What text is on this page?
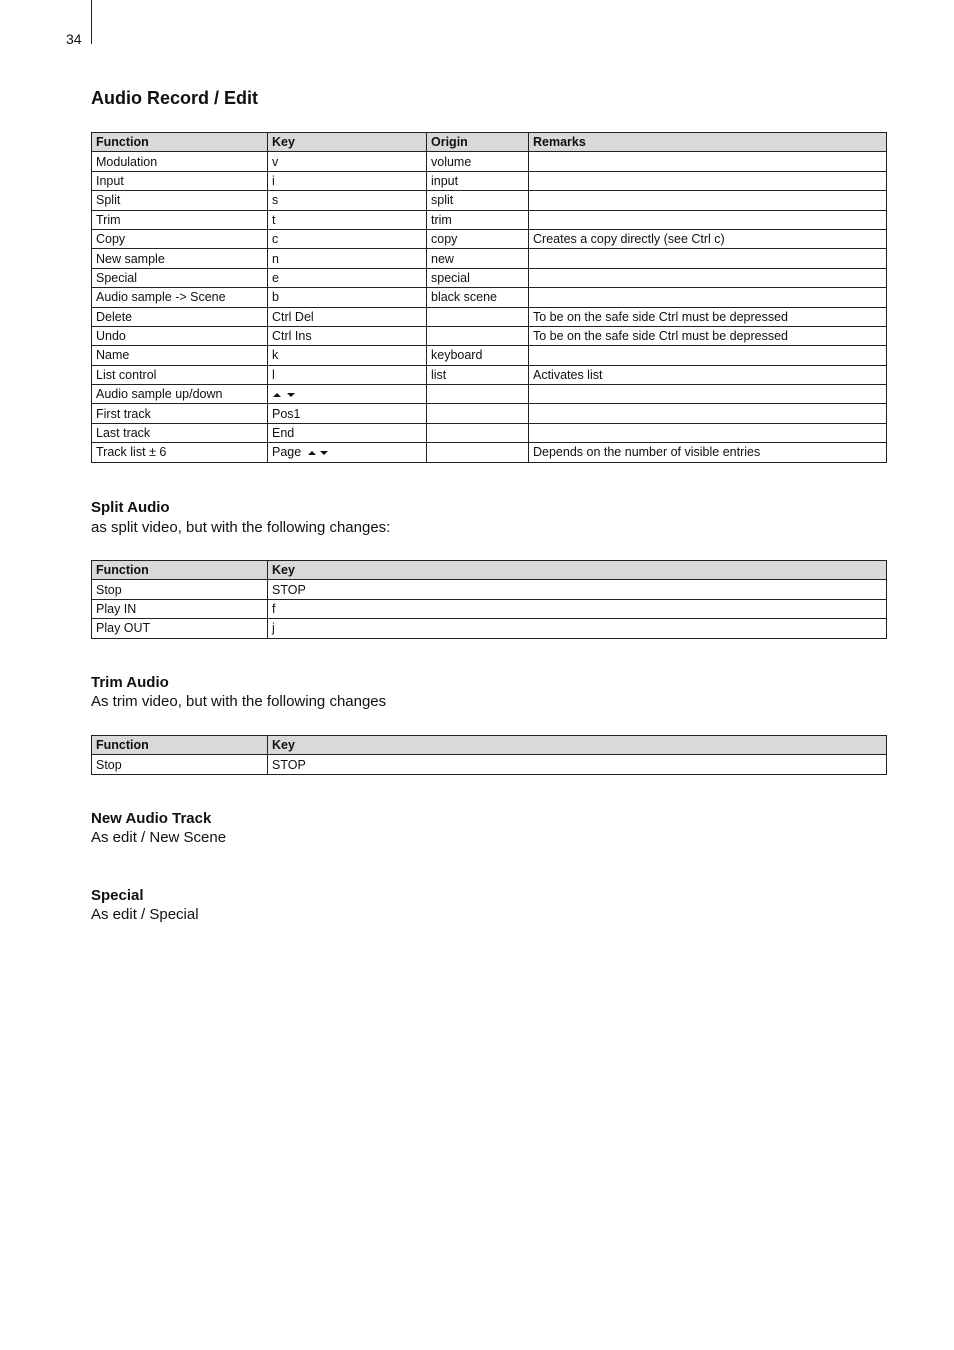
34
Audio Record / Edit
Function	Key	Origin	Remarks
Modulation	v	volume	
Input	i	input	
Split	s	split	
Trim	t	trim	
Copy	c	copy	Creates a copy directly (see Ctrl c)
New sample	n	new	
Special	e	special	
Audio sample -> Scene	b	black scene	
Delete	Ctrl Del		To be on the safe side Ctrl must be depressed
Undo	Ctrl Ins		To be on the safe side Ctrl must be depressed
Name	k	keyboard	
List control	l	list	Activates list
Audio sample up/down			
First track	Pos1		
Last track	End		
Track list ± 6	Page		Depends on the number of visible entries
Split Audio
as split video, but with the following changes:
Function	Key
Stop	STOP
Play IN	f
Play OUT	j
Trim Audio
As trim video, but with the following changes
Function	Key
Stop	STOP
New Audio Track
As edit / New Scene
Special
As edit / Special
